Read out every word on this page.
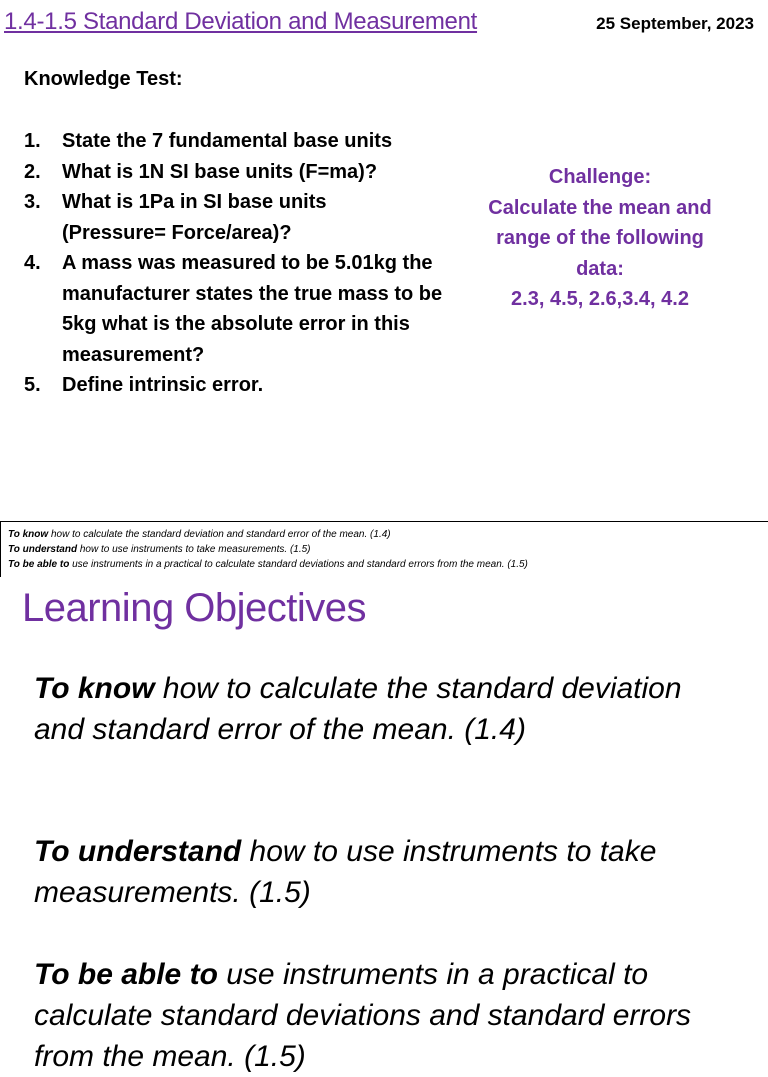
1.4-1.5 Standard Deviation and Measurement	25 September, 2023
Knowledge Test:
1. State the 7 fundamental base units
2. What is 1N SI base units (F=ma)?
3. What is 1Pa in SI base units (Pressure= Force/area)?
4. A mass was measured to be 5.01kg the manufacturer states the true mass to be 5kg what is the absolute error in this measurement?
5. Define intrinsic error.
Challenge:
Calculate the mean and
range of the following
data:
2.3, 4.5, 2.6,3.4, 4.2

To know how to calculate the standard deviation and standard error of the mean. (1.4)

To understand how to use instruments to take measurements. (1.5)

To be able to use instruments in a practical to calculate standard deviations and standard errors from the mean. (1.5)

Learning Objectives
To know how to calculate the standard deviation and standard error of the mean. (1.4)
To understand how to use instruments to take measurements. (1.5)
To be able to use instruments in a practical to calculate standard deviations and standard errors from the mean. (1.5)
